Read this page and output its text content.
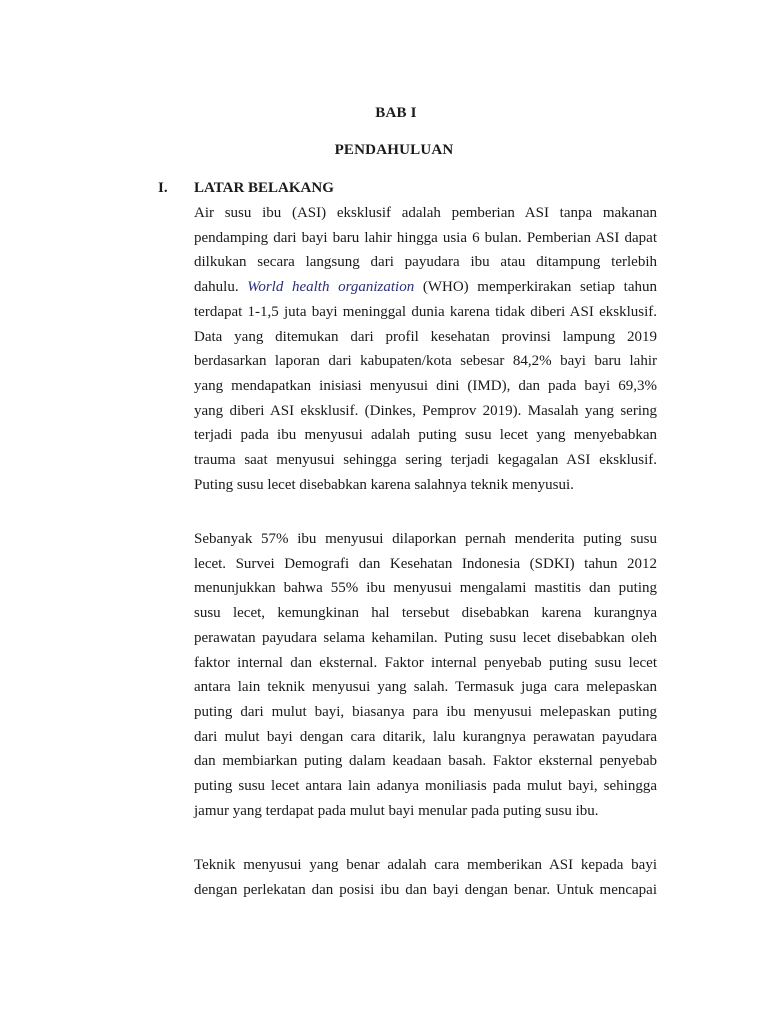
BAB I
PENDAHULUAN
I. LATAR BELAKANG
Air susu ibu (ASI) eksklusif adalah pemberian ASI tanpa makanan
pendamping dari bayi baru lahir hingga usia 6 bulan. Pemberian ASI dapat
dilkukan secara langsung dari payudara ibu atau ditampung terlebih
dahulu. World health organization (WHO) memperkirakan setiap tahun
terdapat 1-1,5 juta bayi meninggal dunia karena tidak diberi ASI eksklusif.
Data yang ditemukan dari profil kesehatan provinsi lampung 2019
berdasarkan laporan dari kabupaten/kota sebesar 84,2% bayi baru lahir
yang mendapatkan inisiasi menyusui dini (IMD), dan pada bayi 69,3%
yang diberi ASI eksklusif. (Dinkes, Pemprov 2019). Masalah yang sering
terjadi pada ibu menyusui adalah puting susu lecet yang menyebabkan
trauma saat menyusui sehingga sering terjadi kegagalan ASI eksklusif.
Puting susu lecet disebabkan karena salahnya teknik menyusui.
Sebanyak 57% ibu menyusui dilaporkan pernah menderita puting susu
lecet. Survei Demografi dan Kesehatan Indonesia (SDKI) tahun 2012
menunjukkan bahwa 55% ibu menyusui mengalami mastitis dan puting
susu lecet, kemungkinan hal tersebut disebabkan karena kurangnya
perawatan payudara selama kehamilan. Puting susu lecet disebabkan oleh
faktor internal dan eksternal. Faktor internal penyebab puting susu lecet
antara lain teknik menyusui yang salah. Termasuk juga cara melepaskan
puting dari mulut bayi, biasanya para ibu menyusui melepaskan puting
dari mulut bayi dengan cara ditarik, lalu kurangnya perawatan payudara
dan membiarkan puting dalam keadaan basah. Faktor eksternal penyebab
puting susu lecet antara lain adanya moniliasis pada mulut bayi, sehingga
jamur yang terdapat pada mulut bayi menular pada puting susu ibu.
Teknik menyusui yang benar adalah cara memberikan ASI kepada bayi
dengan perlekatan dan posisi ibu dan bayi dengan benar. Untuk mencapai
